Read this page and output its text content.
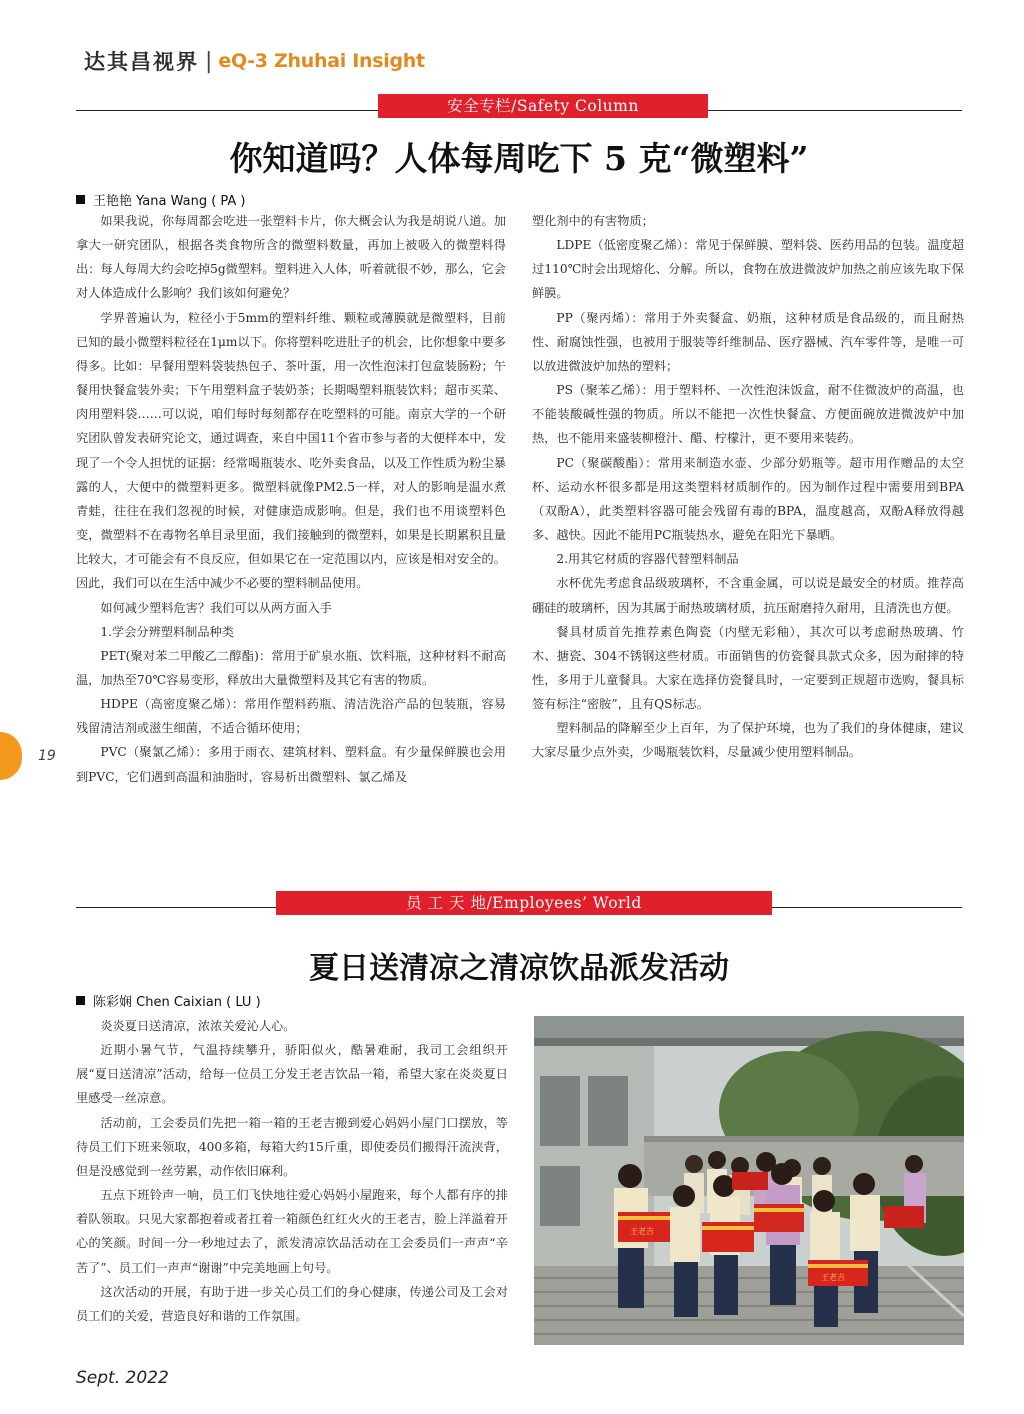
达其昌视界 | eQ-3 Zhuhai Insight
19
安全专栏/Safety Column
你知道吗？人体每周吃下 5 克“微塑料”
王艳艳 Yana Wang ( PA )

如果我说，你每周都会吃进一张塑料卡片，你大概会认为我是胡说八道。加拿大一研究团队，根据各类食物所含的微塑料数量，再加上被吸入的微塑料得出：每人每周大约会吃掉5g微塑料。塑料进入人体，听着就很不妙，那么，它会对人体造成什么影响？我们该如何避免？

学界普遍认为，粒径小于5mm的塑料纤维、颗粒或薄膜就是微塑料，目前已知的最小微塑料粒径在1μm以下。你将塑料吃进肚子的机会，比你想象中要多得多。比如：早餐用塑料袋装热包子、茶叶蛋，用一次性泡沫打包盒装肠粉；午餐用快餐盒装外卖；下午用塑料盒子装奶茶；长期喝塑料瓶装饮料；超市买菜、肉用塑料袋……可以说，咱们每时每刻都存在吃塑料的可能。南京大学的一个研究团队曾发表研究论文，通过调查，来自中国11个省市参与者的大便样本中，发现了一个令人担忧的证据：经常喝瓶装水、吃外卖食品，以及工作性质为粉尘暴露的人，大便中的微塑料更多。微塑料就像PM2.5一样，对人的影响是温水煮青蛙，往往在我们忽视的时候，对健康造成影响。但是，我们也不用谈塑料色变，微塑料不在毒物名单目录里面，我们接触到的微塑料，如果是长期累积且量比较大，才可能会有不良反应，但如果它在一定范围以内，应该是相对安全的。因此，我们可以在生活中减少不必要的塑料制品使用。

如何减少塑料危害？我们可以从两方面入手

1.学会分辨塑料制品种类

PET(聚对苯二甲酸乙二醇酯)：常用于矿泉水瓶、饮料瓶，这种材料不耐高温，加热至70℃容易变形，释放出大量微塑料及其它有害的物质。

HDPE（高密度聚乙烯）：常用作塑料药瓶、清洁洗浴产品的包装瓶，容易残留清洁剂或滋生细菌，不适合循环使用；

PVC（聚氯乙烯）：多用于雨衣、建筑材料、塑料盒。有少量保鲜膜也会用到PVC，它们遇到高温和油脂时，容易析出微塑料、氯乙烯及

塑化剂中的有害物质；

LDPE（低密度聚乙烯）：常见于保鲜膜、塑料袋、医药用品的包装。温度超过110℃时会出现熔化、分解。所以，食物在放进微波炉加热之前应该先取下保鲜膜。

PP（聚丙烯）：常用于外卖餐盒、奶瓶，这种材质是食品级的，而且耐热性、耐腐蚀性强，也被用于服装等纤维制品、医疗器械、汽车零件等，是唯一可以放进微波炉加热的塑料；

PS（聚苯乙烯）：用于塑料杯、一次性泡沫饭盒，耐不住微波炉的高温，也不能装酸碱性强的物质。所以不能把一次性快餐盒、方便面碗放进微波炉中加热，也不能用来盛装柳橙汁、醋、柠檬汁，更不要用来装药。

PC（聚碳酸酯）：常用来制造水壶、少部分奶瓶等。超市用作赠品的太空杯、运动水杯很多都是用这类塑料材质制作的。因为制作过程中需要用到BPA（双酚A），此类塑料容器可能会残留有毒的BPA，温度越高，双酚A释放得越多、越快。因此不能用PC瓶装热水，避免在阳光下暴晒。

2.用其它材质的容器代替塑料制品

水杯优先考虑食品级玻璃杯，不含重金属，可以说是最安全的材质。推荐高硼硅的玻璃杯，因为其属于耐热玻璃材质，抗压耐磨持久耐用，且清洗也方便。

餐具材质首先推荐素色陶瓷（内壁无彩釉），其次可以考虑耐热玻璃、竹木、搪瓷、304不锈钢这些材质。市面销售的仿瓷餐具款式众多，因为耐摔的特性，多用于儿童餐具。大家在选择仿瓷餐具时，一定要到正规超市选购，餐具标签有标注“密胺”，且有QS标志。

塑料制品的降解至少上百年，为了保护环境，也为了我们的身体健康，建议大家尽量少点外卖，少喝瓶装饮料，尽量减少使用塑料制品。

员 工 天 地/Employees’ World
夏日送清凉之清凉饮品派发活动
陈彩娴 Chen Caixian ( LU )

炎炎夏日送清凉，浓浓关爱沁人心。

近期小暑气节，气温持续攀升，骄阳似火，酷暑难耐，我司工会组织开展“夏日送清凉”活动，给每一位员工分发王老吉饮品一箱，希望大家在炎炎夏日里感受一丝凉意。

活动前，工会委员们先把一箱一箱的王老吉搬到爱心妈妈小屋门口摆放，等待员工们下班来领取，400多箱，每箱大约15斤重，即使委员们搬得汗流浃背，但是没感觉到一丝劳累，动作依旧麻利。

五点下班铃声一响，员工们飞快地往爱心妈妈小屋跑来，每个人都有序的排着队领取。只见大家都抱着或者扛着一箱颜色红红火火的王老吉，脸上洋溢着开心的笑颜。时间一分一秒地过去了，派发清凉饮品活动在工会委员们一声声“辛苦了”、员工们一声声“谢谢”中完美地画上句号。

这次活动的开展，有助于进一步关心员工们的身心健康，传递公司及工会对员工们的关爱，营造良好和谐的工作氛围。

王老吉
王老吉
Sept. 2022
